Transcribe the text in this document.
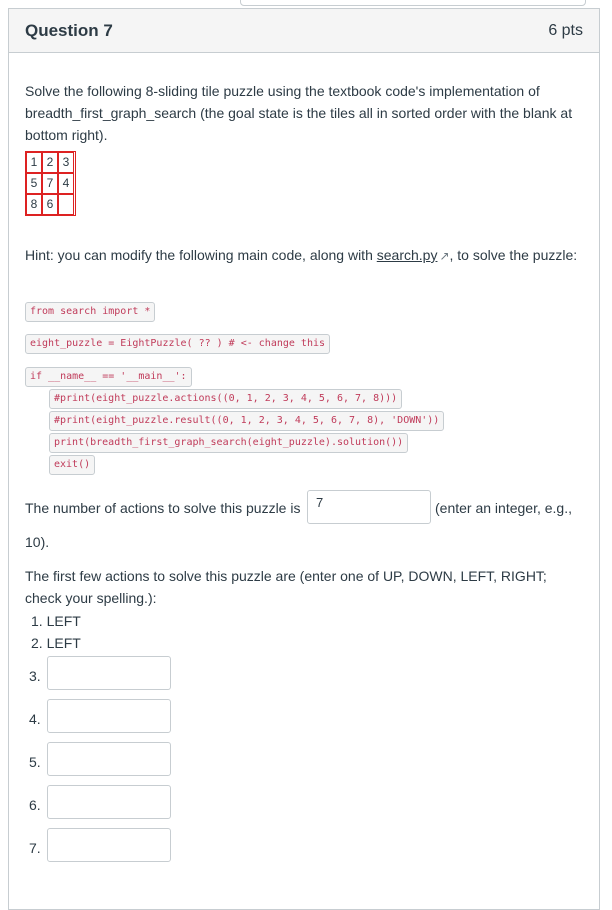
Question 7	6 pts

Solve the following 8-sliding tile puzzle using the textbook code's implementation of breadth_first_graph_search (the goal state is the tiles all in sorted order with the blank at bottom right).

1 2 3
5 7 4
8 6

Hint: you can modify the following main code, along with search.py ↗, to solve the puzzle:

from search import *
eight_puzzle = EightPuzzle( ?? ) # <- change this
if __name__ == '__main__':
#print(eight_puzzle.actions((0, 1, 2, 3, 4, 5, 6, 7, 8)))
#print(eight_puzzle.result((0, 1, 2, 3, 4, 5, 6, 7, 8), 'DOWN'))
print(breadth_first_graph_search(eight_puzzle).solution())
exit()
The number of actions to solve this puzzle is
7	(enter an integer, e.g.,
10).

The first few actions to solve this puzzle are (enter one of UP, DOWN, LEFT, RIGHT; check your spelling.):

1. LEFT
2. LEFT
3.
4.
5.
6.
7.
